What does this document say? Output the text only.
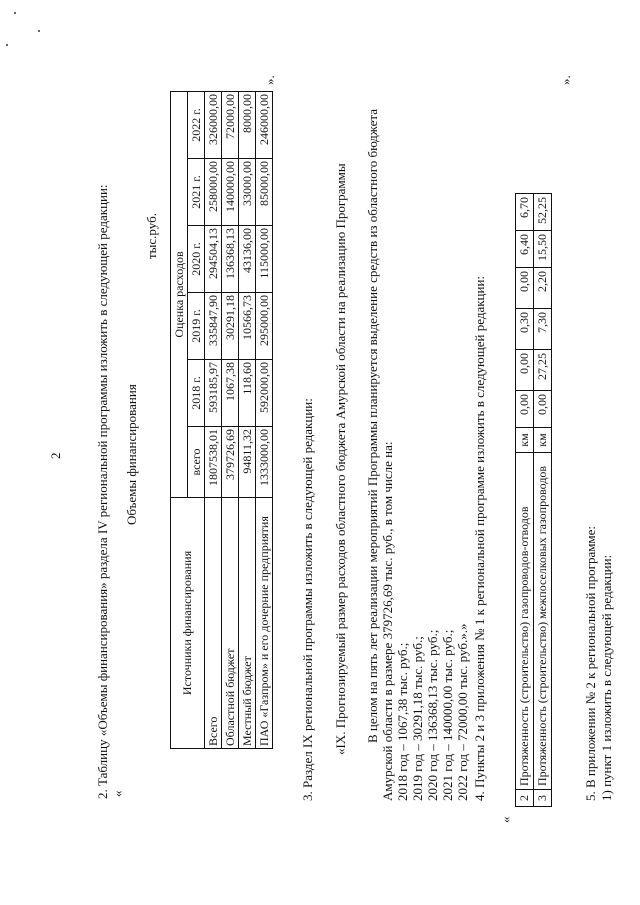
2 2. Таблицу «Объемы финансирования» раздела IV региональной программы изложить в следующей редакции: «
Объемы финансирования
тыс.руб.
Источники финансирования	Оценка расходов					
	всего	2018 г.	2019 г.	2020 г.	2021 г.	2022 г.
Всего	1807538,01	593185,97	335847,90	294504,13	258000,00	326000,00
Областной бюджет	379726,69	1067,38	30291,18	136368,13	140000,00	72000,00
Местный бюджет	94811,32	118,60	10566,73	43136,00	33000,00	8000,00
ПАО «Газпром» и его дочерние предприятия	1333000,00	592000,00	295000,00	115000,00	85000,00	246000,00
».
3. Раздел IX региональной программы изложить в следующей редакции: «IX. Прогнозируемый размер расходов областного бюджета Амурской области на реализацию Программы В целом на пять лет реализации мероприятий Программы планируется выделение средств из областного бюджета Амурской области в размере 379726,69 тыс. руб., в том числе на: 2018 год – 1067,38 тыс. руб.; 2019 год – 30291,18 тыс. руб.; 2020 год – 136368,13 тыс. руб.; 2021 год – 140000,00 тыс. руб.; 2022 год – 72000,00 тыс. руб.».» 4. Пункты 2 и 3 приложения № 1 к региональной программе изложить в следующей редакции:
«
2	Протяженность (строительство) газопроводов-отводов	км	0,00	0,00	0,30	0,00	6,40	6,70
3	Протяженность (строительство) межпоселковых газопроводов	км	0,00	27,25	7,30	2,20	15,50	52,25
».
5. В приложении № 2 к региональной программе: 1) пункт 1 изложить в следующей редакции:
